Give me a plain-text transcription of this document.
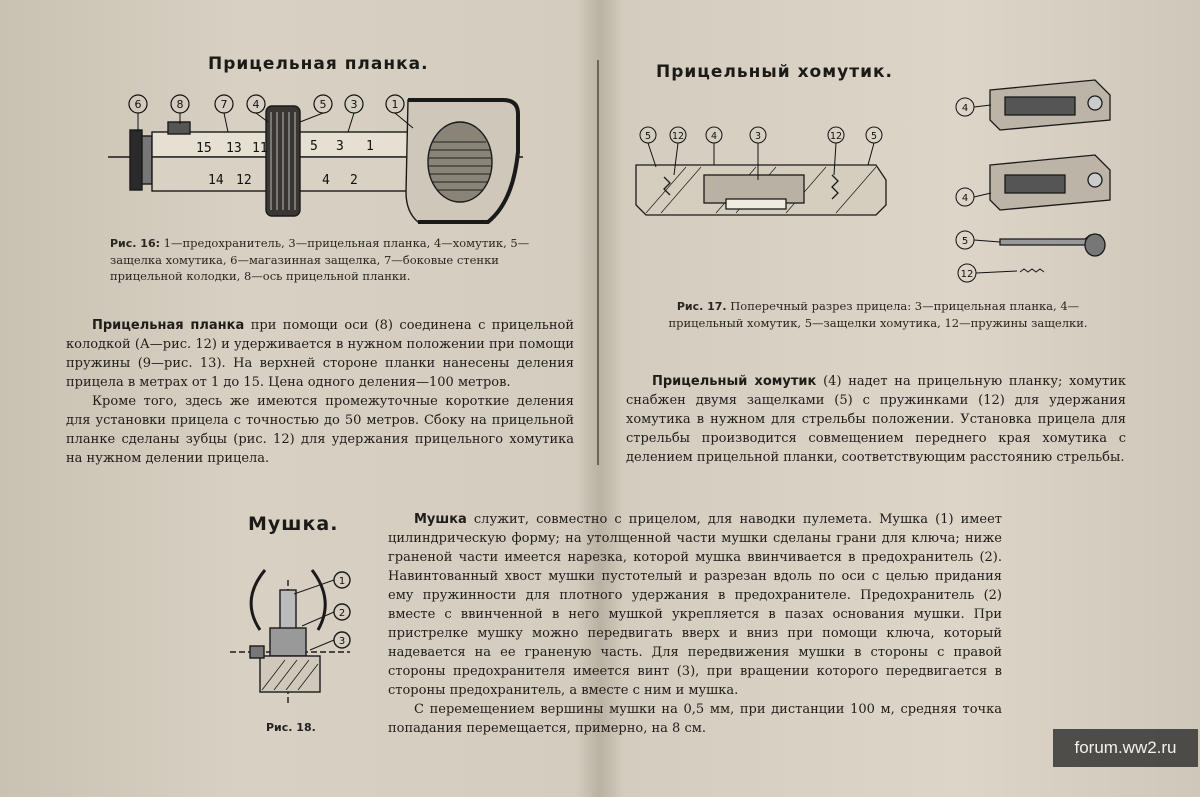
Прицельная планка.
15 13 11	5 3 1
14 12	4 2
6	8	7 4	5 3	1
Рис. 16: 1—предохранитель, 3—прицельная планка, 4—хомутик, 5—защелка хомутика, 6—магазинная защелка, 7—боковые стенки прицельной колодки, 8—ось прицельной планки.
Прицельная планка при помощи оси (8) соединена с прицельной колодкой (А—рис. 12) и удерживается в нужном положении при помощи пружины (9—рис. 13). На верхней стороне планки нанесены деления прицела в метрах от 1 до 15. Цена одного деления—100 метров.
Кроме того, здесь же имеются промежуточные короткие деления для установки прицела с точностью до 50 метров. Сбоку на прицельной планке сделаны зубцы (рис. 12) для удержания прицельного хомутика на нужном делении прицела.
Мушка.
1
2
3
Рис. 18.
Прицельный хомутик.
5 12	4	3	12	5
4
4
5
12
Рис. 17. Поперечный разрез прицела: 3—прицельная планка, 4—прицельный хомутик, 5—защелки хомутика, 12—пружины защелки.
Прицельный хомутик (4) надет на прицельную планку; хомутик снабжен двумя защелками (5) с пружинками (12) для удержания хомутика в нужном для стрельбы положении. Установка прицела для стрельбы производится совмещением переднего края хомутика с делением прицельной планки, соответствующим расстоянию стрельбы.
Мушка служит, совместно с прицелом, для наводки пулемета. Мушка (1) имеет цилиндрическую форму; на утолщенной части мушки сделаны грани для ключа; ниже граненой части имеется нарезка, которой мушка ввинчивается в предохранитель (2). Навинтованный хвост мушки пустотелый и разрезан вдоль по оси с целью придания ему пружинности для плотного удержания в предохранителе. Предохранитель (2) вместе с ввинченной в него мушкой укрепляется в пазах основания мушки. При пристрелке мушку можно передвигать вверх и вниз при помощи ключа, который надевается на ее граненую часть. Для передвижения мушки в стороны с правой стороны предохранителя имеется винт (3), при вращении которого передвигается в стороны предохранитель, а вместе с ним и мушка.
С перемещением вершины мушки на 0,5 мм, при дистанции 100 м, средняя точка попадания перемещается, примерно, на 8 см.
forum.ww2.ru
